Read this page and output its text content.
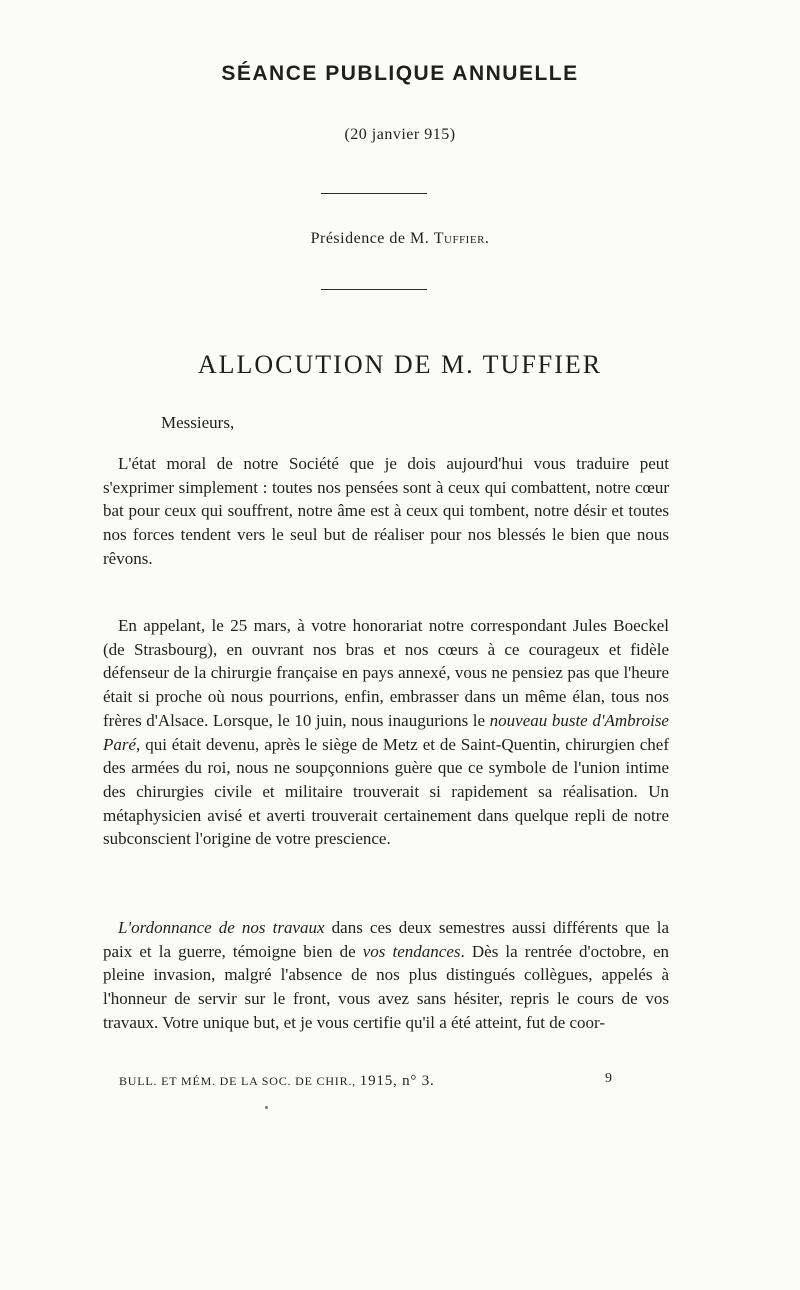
SÉANCE PUBLIQUE ANNUELLE
(20 janvier 915)
Présidence de M. Tuffier.
ALLOCUTION DE M. TUFFIER
Messieurs,

L'état moral de notre Société que je dois aujourd'hui vous traduire peut s'exprimer simplement : toutes nos pensées sont à ceux qui combattent, notre cœur bat pour ceux qui souffrent, notre âme est à ceux qui tombent, notre désir et toutes nos forces tendent vers le seul but de réaliser pour nos blessés le bien que nous rêvons.

En appelant, le 25 mars, à votre honorariat notre correspondant Jules Boeckel (de Strasbourg), en ouvrant nos bras et nos cœurs à ce courageux et fidèle défenseur de la chirurgie française en pays annexé, vous ne pensiez pas que l'heure était si proche où nous pourrions, enfin, embrasser dans un même élan, tous nos frères d'Alsace. Lorsque, le 10 juin, nous inaugurions le nouveau buste d'Ambroise Paré, qui était devenu, après le siège de Metz et de Saint-Quentin, chirurgien chef des armées du roi, nous ne soupçonnions guère que ce symbole de l'union intime des chirurgies civile et militaire trouverait si rapidement sa réalisation. Un métaphysicien avisé et averti trouverait certainement dans quelque repli de notre subconscient l'origine de votre prescience.

L'ordonnance de nos travaux dans ces deux semestres aussi différents que la paix et la guerre, témoigne bien de vos tendances. Dès la rentrée d'octobre, en pleine invasion, malgré l'absence de nos plus distingués collègues, appelés à l'honneur de servir sur le front, vous avez sans hésiter, repris le cours de vos travaux. Votre unique but, et je vous certifie qu'il a été atteint, fut de coor-

BULL. ET MÉM. DE LA SOC. DE CHIR., 1915, n° 3.	9
